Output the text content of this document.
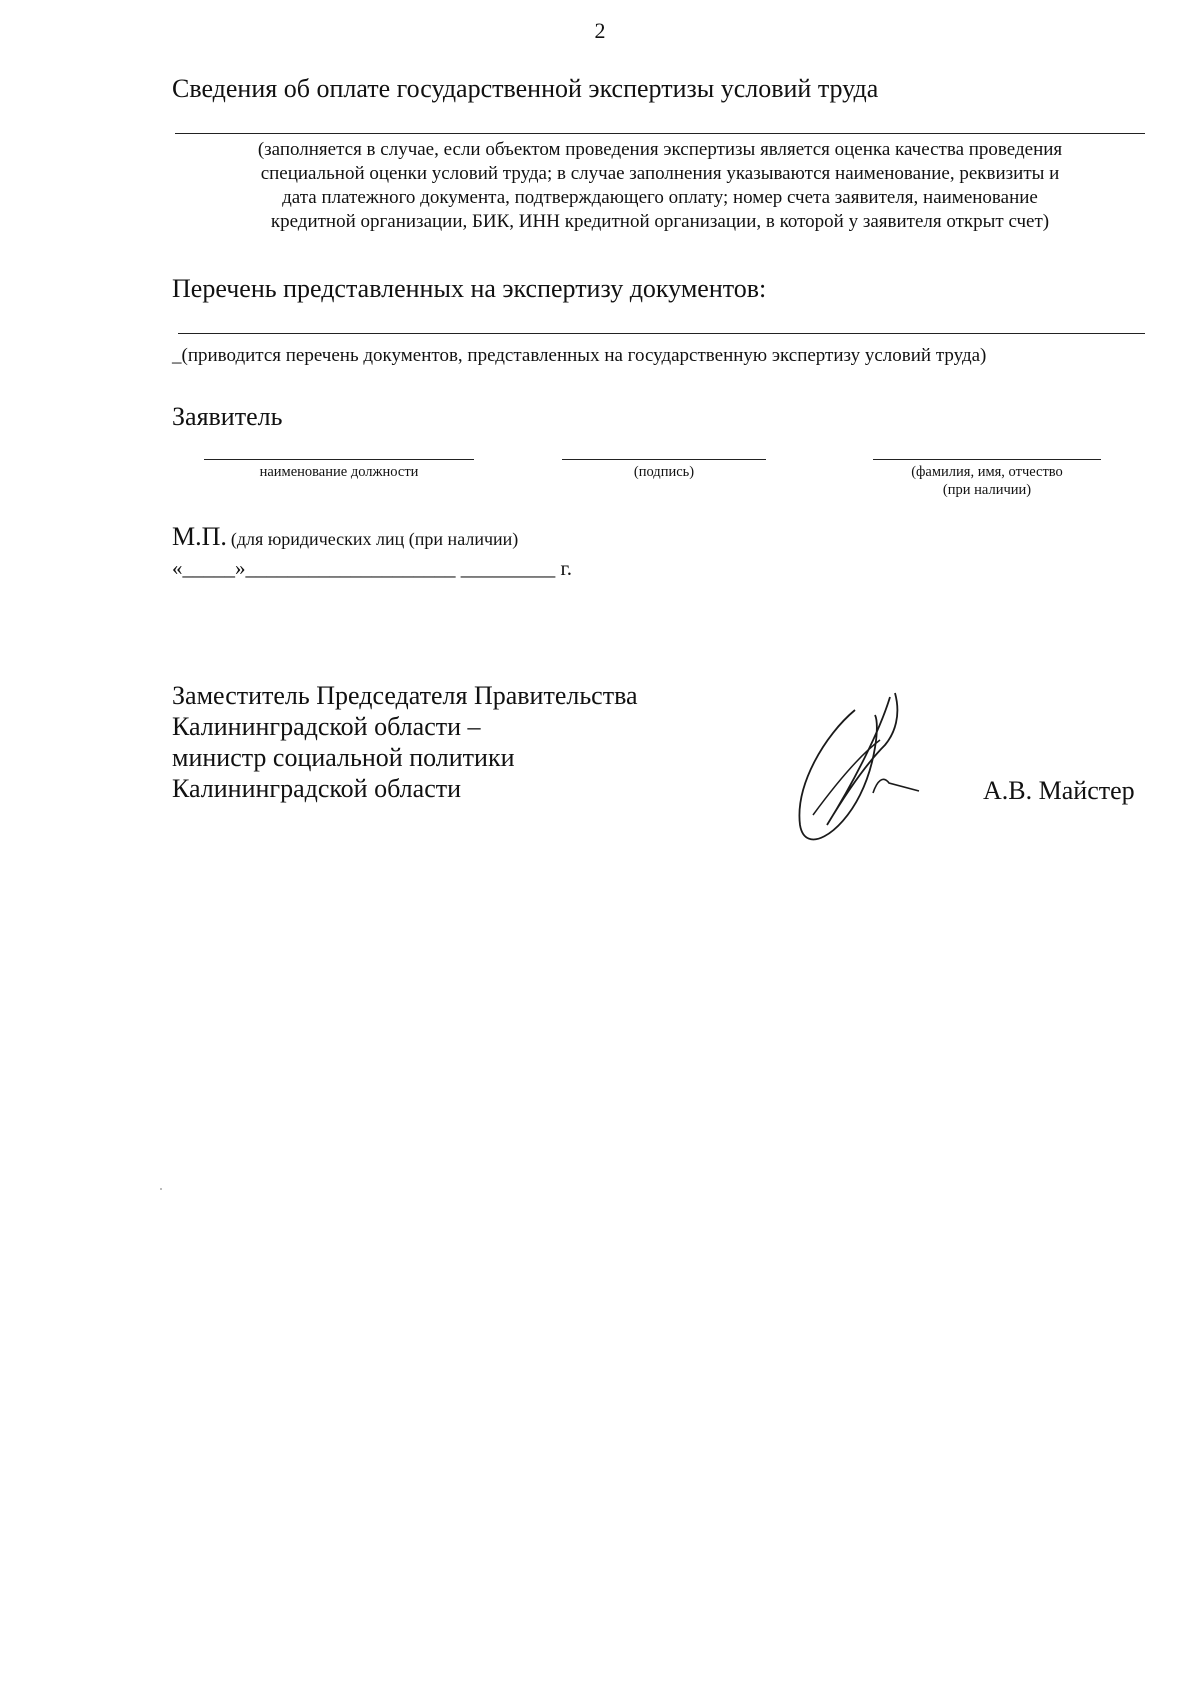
2
Сведения об оплате государственной экспертизы условий труда
(заполняется в случае, если объектом проведения экспертизы является оценка качества проведения
специальной оценки условий труда; в случае заполнения указываются наименование, реквизиты и
дата платежного документа, подтверждающего оплату; номер счета заявителя, наименование
кредитной организации, БИК, ИНН кредитной организации, в которой у заявителя открыт счет)
Перечень представленных на экспертизу документов:
_(приводится перечень документов, представленных на государственную экспертизу условий труда)
Заявитель
наименование должности	(подпись)	(фамилия, имя, отчество
(при наличии)
М.П. (для юридических лиц (при наличии)
«_____»____________________ _________ г.
Заместитель Председателя Правительства
Калининградской области –
министр социальной политики
Калининградской области	А.В. Майстер
